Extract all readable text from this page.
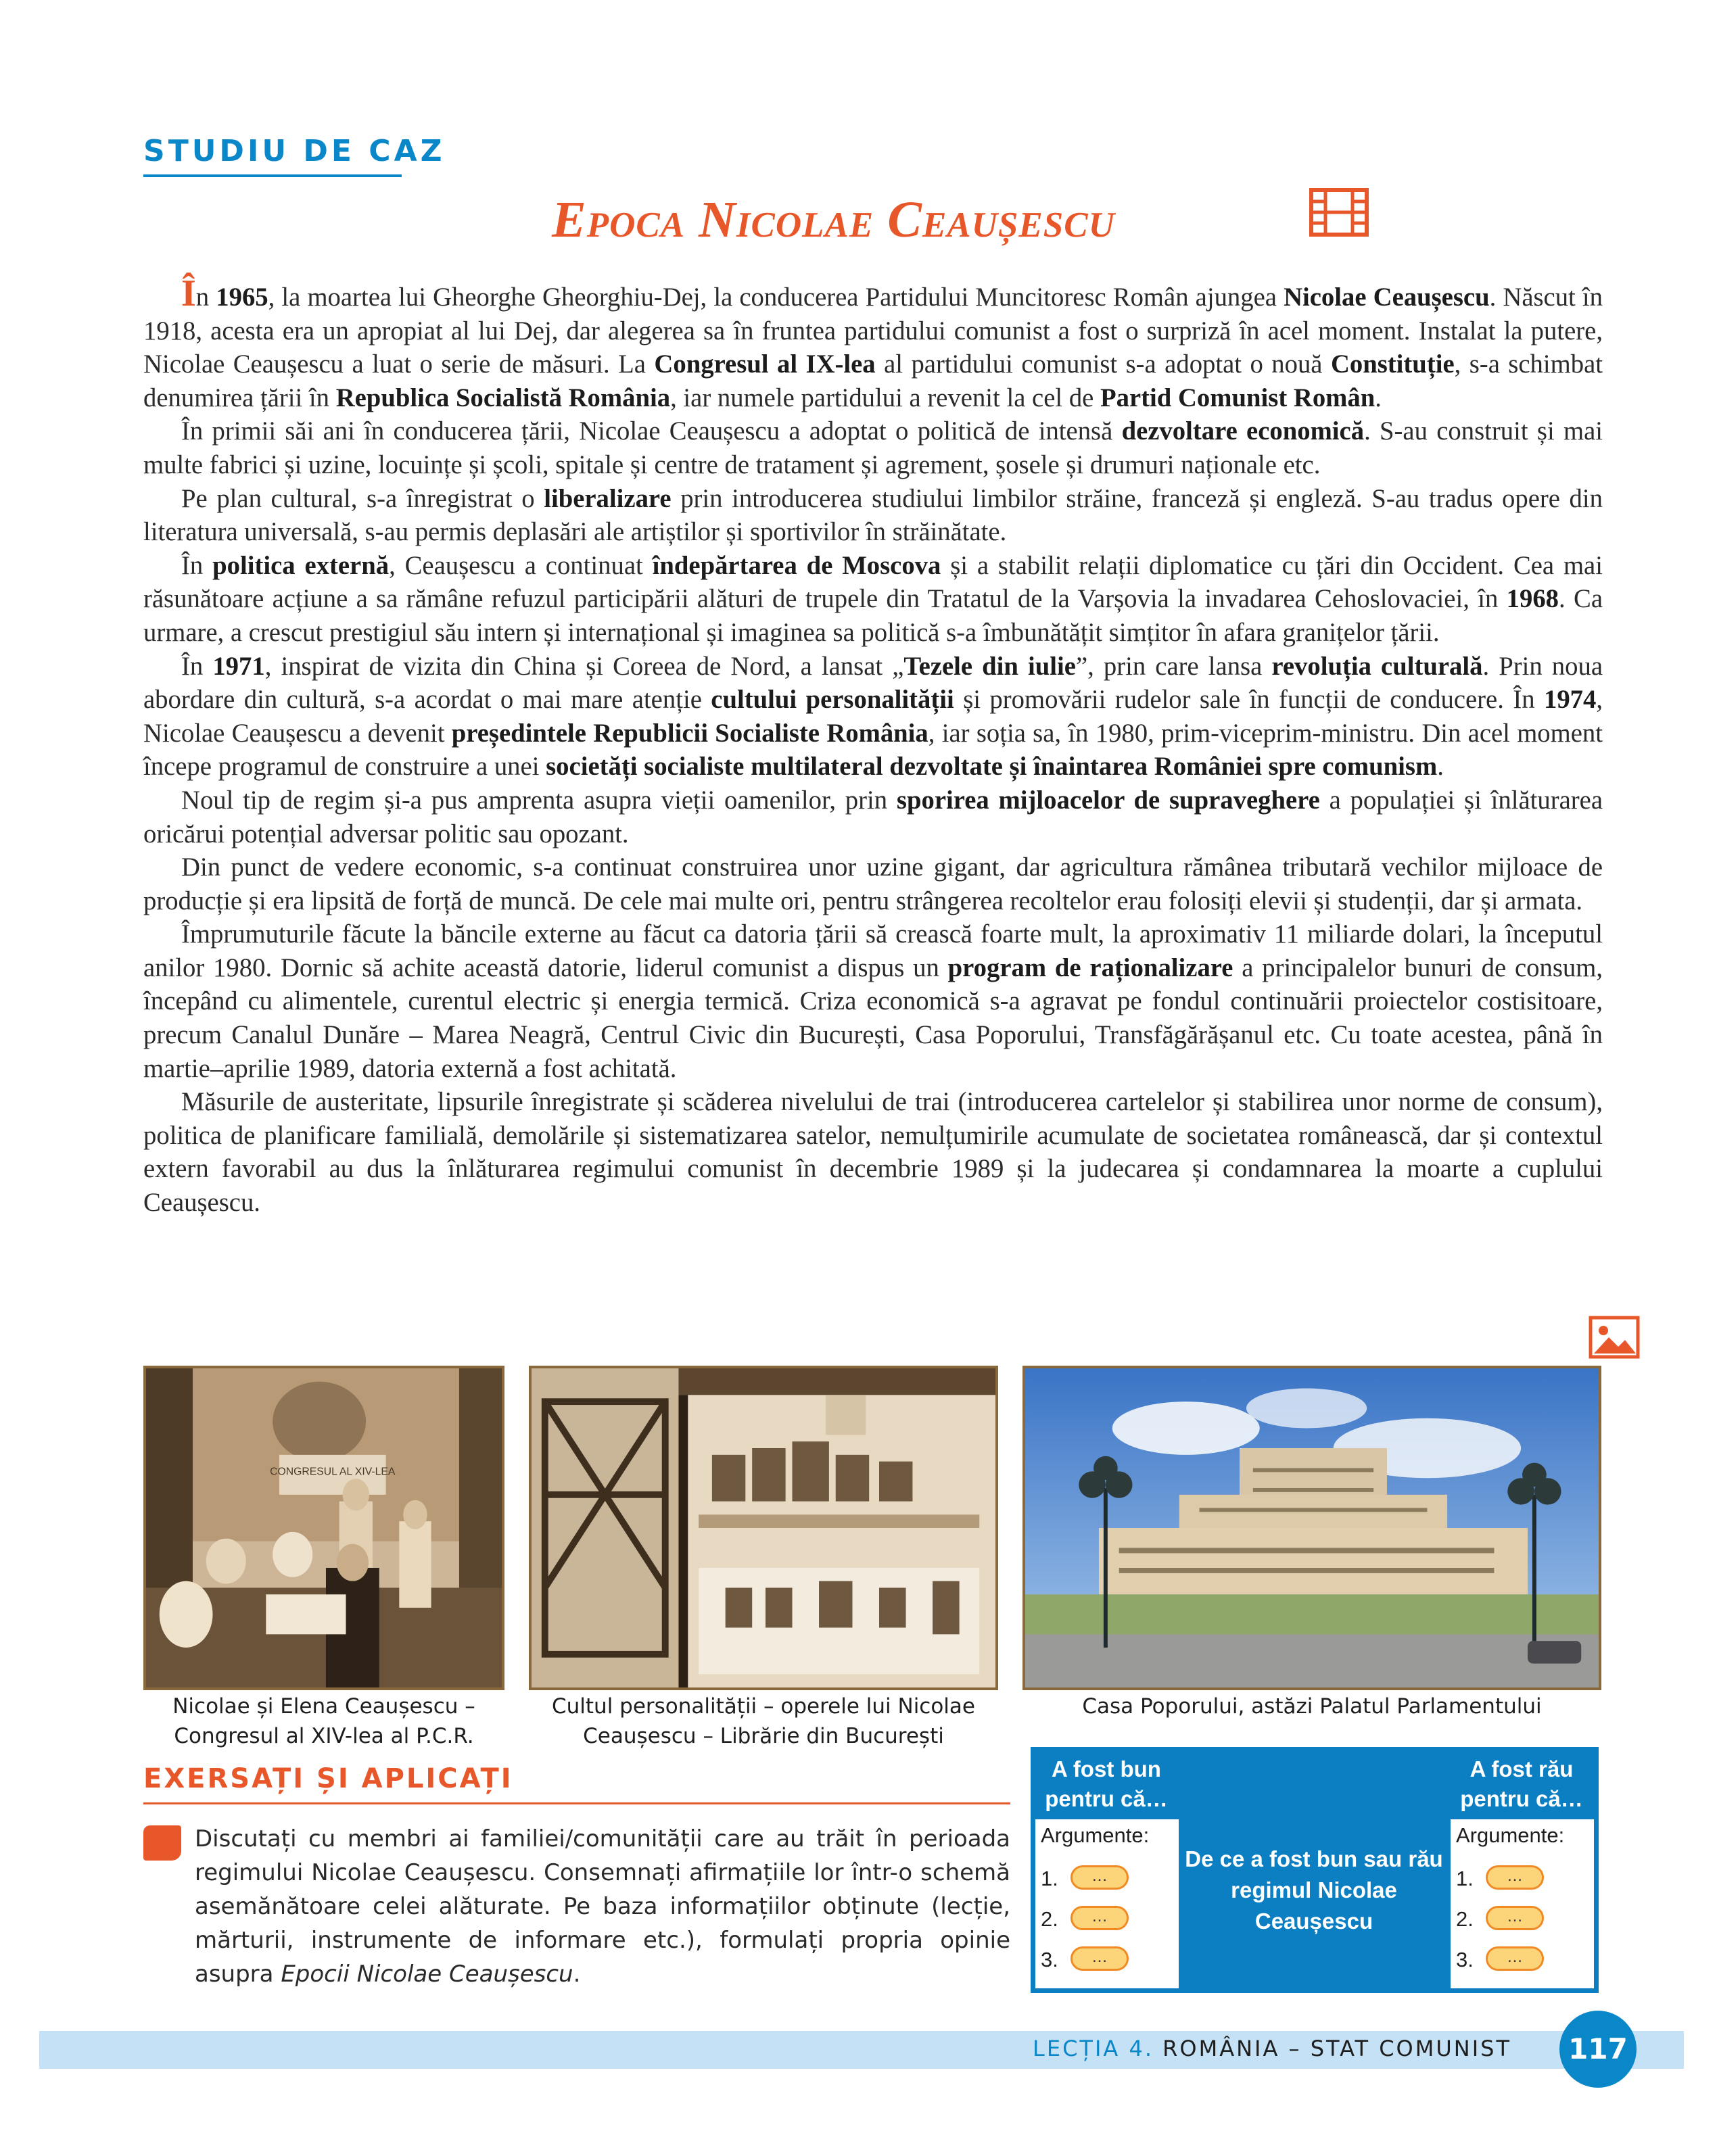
STUDIU DE CAZ
Epoca Nicolae Ceaușescu

În 1965, la moartea lui Gheorghe Gheorghiu-Dej, la conducerea Partidului Muncitoresc Român ajungea Nicolae Ceaușescu. Născut în 1918, acesta era un apropiat al lui Dej, dar alegerea sa în fruntea partidului comunist a fost o surpriză în acel moment. Instalat la putere, Nicolae Ceaușescu a luat o serie de măsuri. La Congresul al IX-lea al partidului comunist s-a adoptat o nouă Constituție, s-a schimbat denumirea țării în Republica Socialistă România, iar numele partidului a revenit la cel de Partid Comunist Român.

În primii săi ani în conducerea țării, Nicolae Ceaușescu a adoptat o politică de intensă dezvoltare economică. S-au construit și mai multe fabrici și uzine, locuințe și școli, spitale și centre de tratament și agrement, șosele și drumuri naționale etc.

Pe plan cultural, s-a înregistrat o liberalizare prin introducerea studiului limbilor străine, franceză și engleză. S-au tradus opere din literatura universală, s-au permis deplasări ale artiștilor și sportivilor în străinătate.

În politica externă, Ceaușescu a continuat îndepărtarea de Moscova și a stabilit relații diplomatice cu țări din Occident. Cea mai răsunătoare acțiune a sa rămâne refuzul participării alături de trupele din Tratatul de la Varșovia la invadarea Cehoslovaciei, în 1968. Ca urmare, a crescut prestigiul său intern și internațional și imaginea sa politică s-a îmbunătățit simțitor în afara granițelor țării.

În 1971, inspirat de vizita din China și Coreea de Nord, a lansat „Tezele din iulie”, prin care lansa revoluția culturală. Prin noua abordare din cultură, s-a acordat o mai mare atenție cultului personalității și promovării rudelor sale în funcții de conducere. În 1974, Nicolae Ceaușescu a devenit președintele Republicii Socialiste România, iar soția sa, în 1980, prim-viceprim-ministru. Din acel moment începe programul de construire a unei societăți socialiste multilateral dezvoltate și înaintarea României spre comunism.

Noul tip de regim și-a pus amprenta asupra vieții oamenilor, prin sporirea mijloacelor de supraveghere a populației și înlăturarea oricărui potențial adversar politic sau opozant.

Din punct de vedere economic, s-a continuat construirea unor uzine gigant, dar agricultura rămânea tributară vechilor mijloace de producție și era lipsită de forță de muncă. De cele mai multe ori, pentru strângerea recoltelor erau folosiți elevii și studenții, dar și armata.

Împrumuturile făcute la băncile externe au făcut ca datoria țării să crească foarte mult, la aproximativ 11 miliarde dolari, la începutul anilor 1980. Dornic să achite această datorie, liderul comunist a dispus un program de raționalizare a principalelor bunuri de consum, începând cu alimentele, curentul electric și energia termică. Criza economică s-a agravat pe fondul continuării proiectelor costisitoare, precum Canalul Dunăre – Marea Neagră, Centrul Civic din București, Casa Poporului, Transfăgărășanul etc. Cu toate acestea, până în martie–aprilie 1989, datoria externă a fost achitată.

Măsurile de austeritate, lipsurile înregistrate și scăderea nivelului de trai (introducerea cartelelor și stabilirea unor norme de consum), politica de planificare familială, demolările și sistematizarea satelor, nemulțumirile acumulate de societatea românească, dar și contextul extern favorabil au dus la înlăturarea regimului comunist în decembrie 1989 și la judecarea și condamnarea la moarte a cuplului Ceaușescu.

CONGRESUL AL XIV-LEA
Nicolae și Elena Ceaușescu –
Congresul al XIV-lea al P.C.R.
Cultul personalității – operele lui Nicolae
Ceaușescu – Librărie din București
Casa Poporului, astăzi Palatul Parlamentului
EXERSAȚI ȘI APLICAȚI
Discutați cu membri ai familiei/comunității care au trăit în perioada regimului Nicolae Ceaușescu. Consemnați afirmațiile lor într-o schemă asemănătoare celei alăturate. Pe baza informațiilor obținute (lecție, mărturii, instrumente de informare etc.), formulați propria opinie asupra Epocii Nicolae Ceaușescu.
A fost bun pentru că…
A fost rău pentru că…
Argumente:
1.	…
2.	…
3.	…
De ce a fost bun sau rău regimul Nicolae Ceaușescu
Argumente:
1.	…
2.	…
3.	…
LECȚIA 4. ROMÂNIA – STAT COMUNIST	117
